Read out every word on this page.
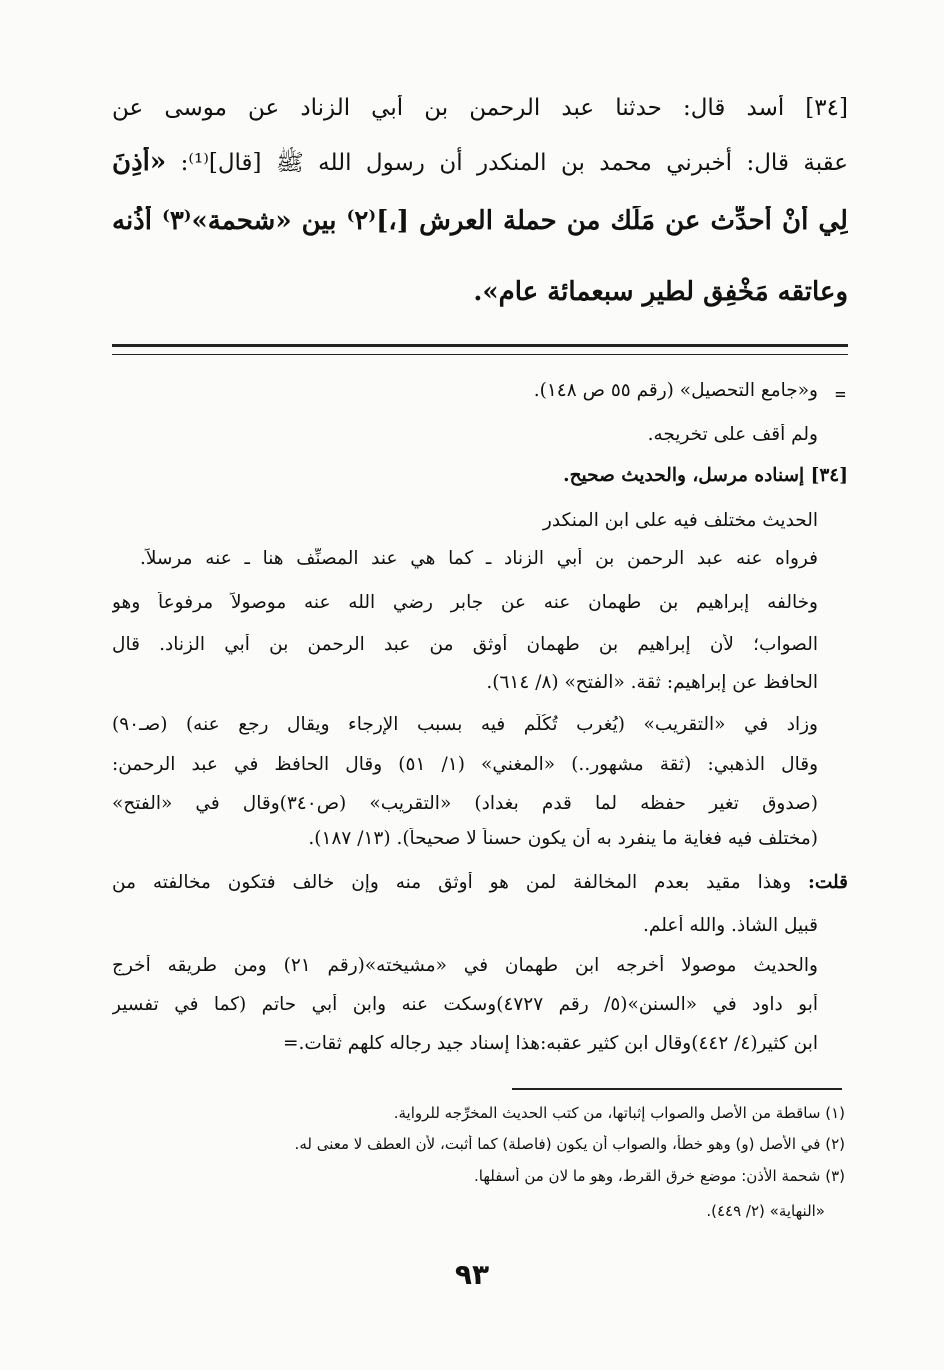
[٣٤] أسد قال: حدثنا عبد الرحمن بن أبي الزناد عن موسى عن
عقبة قال: أخبرني محمد بن المنكدر أن رسول الله ﷺ [قال]⁽¹⁾: «أُذِنَ
لِي أنْ أُحدِّث عن مَلَك من حملة العرشِ [،]⁽٢⁾ بين «شحمة»⁽٣⁾ أُذُنه
وعاتقه مَخْفِق لطيرٍ سبعمائة عام».
=
و«جامع التحصيل» (رقم ٥٥ ص ١٤٨).
ولم أقف على تخريجه.
[٣٤] إسناده مرسل، والحديث صحيح.
الحديث مختلف فيه على ابن المنكدر
فرواه عنه عبد الرحمن بن أبي الزناد ـ كما هي عند المصنِّف هنا ـ عنه مرسلاً.
وخالفه إبراهيم بن طهمان عنه عن جابر رضي الله عنه موصولاً مرفوعاً وهو
الصواب؛ لأن إبراهيم بن طهمان أوثق من عبد الرحمن بن أبي الزناد. قال
الحافظ عن إبراهيم: ثقة. «الفتح» (٨/ ٦١٤).
وزاد في «التقريب» (يُغرب تُكُلِّم فيه بسبب الإرجاء ويقال رجع عنه) (صـ٩٠)
وقال الذهبي: (ثقة مشهور..) «المغني» (١/ ٥١) وقال الحافظ في عبد الرحمن:
(صدوق تغير حفظه لما قدم بغداد) «التقريب» (ص٣٤٠)وقال في «الفتح»
(مختلف فيه فغاية ما ينفرد به أن يكون حسناً لا صحيحاً). (١٣/ ١٨٧).
قلت: وهذا مقيد بعدم المخالفة لمن هو أوثق منه وإن خالف فتكون مخالفته من
قبيل الشاذ. والله أعلم.
والحديث موصولا أخرجه ابن طهمان في «مشيخته»(رقم ٢١) ومن طريقه أخرج
أبو داود في «السنن»(٥/ رقم ٤٧٢٧)وسكت عنه وابن أبي حاتم (كما في تفسير
ابن كثير(٤/ ٤٤٢)وقال ابن كثير عقبه:هذا إسناد جيد رجاله كلهم ثقات.=
(١) ساقطة من الأصل والصواب إثباتها، من كتب الحديث المخرِّجه للرواية.
(٢) في الأصل (و) وهو خطأ، والصواب أن يكون (فاصلة) كما أثبت، لأن العطف لا معنى له.
(٣) شحمة الأذن: موضع خرق القرط، وهو ما لان من أسفلها.
«النهاية» (٢/ ٤٤٩).
٩٣
